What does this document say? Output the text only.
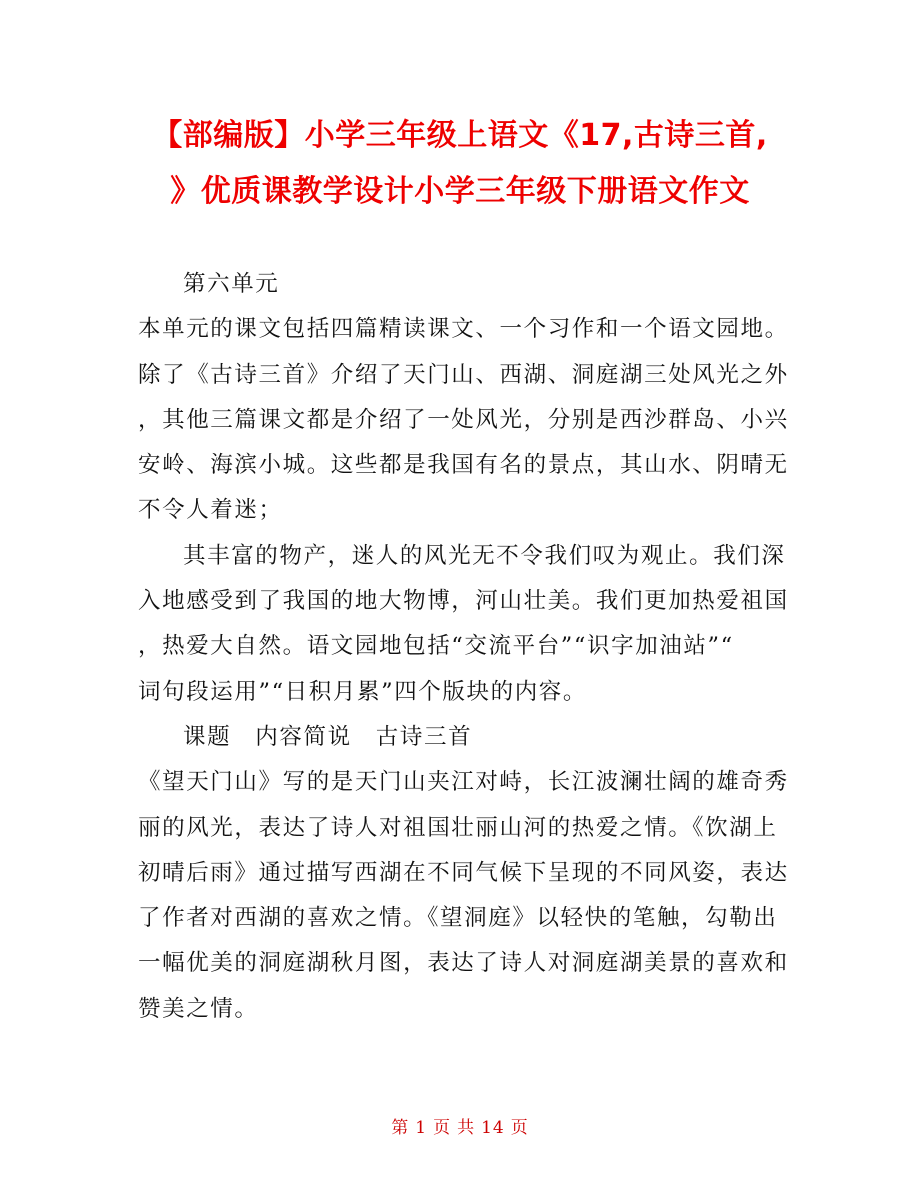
【部编版】小学三年级上语文《17,古诗三首,
》优质课教学设计小学三年级下册语文作文
第六单元
本单元的课文包括四篇精读课文、一个习作和一个语文园地。
除了《古诗三首》介绍了天门山、西湖、洞庭湖三处风光之外
，其他三篇课文都是介绍了一处风光，分别是西沙群岛、小兴
安岭、海滨小城。这些都是我国有名的景点，其山水、阴晴无
不令人着迷；
其丰富的物产，迷人的风光无不令我们叹为观止。我们深
入地感受到了我国的地大物博，河山壮美。我们更加热爱祖国
，热爱大自然。语文园地包括“交流平台”“识字加油站”“
词句段运用”“日积月累”四个版块的内容。
课题　内容简说　古诗三首
《望天门山》写的是天门山夹江对峙，长江波澜壮阔的雄奇秀
丽的风光，表达了诗人对祖国壮丽山河的热爱之情。《饮湖上
初晴后雨》通过描写西湖在不同气候下呈现的不同风姿，表达
了作者对西湖的喜欢之情。《望洞庭》以轻快的笔触，勾勒出
一幅优美的洞庭湖秋月图，表达了诗人对洞庭湖美景的喜欢和
赞美之情。
第 1 页 共 14 页
